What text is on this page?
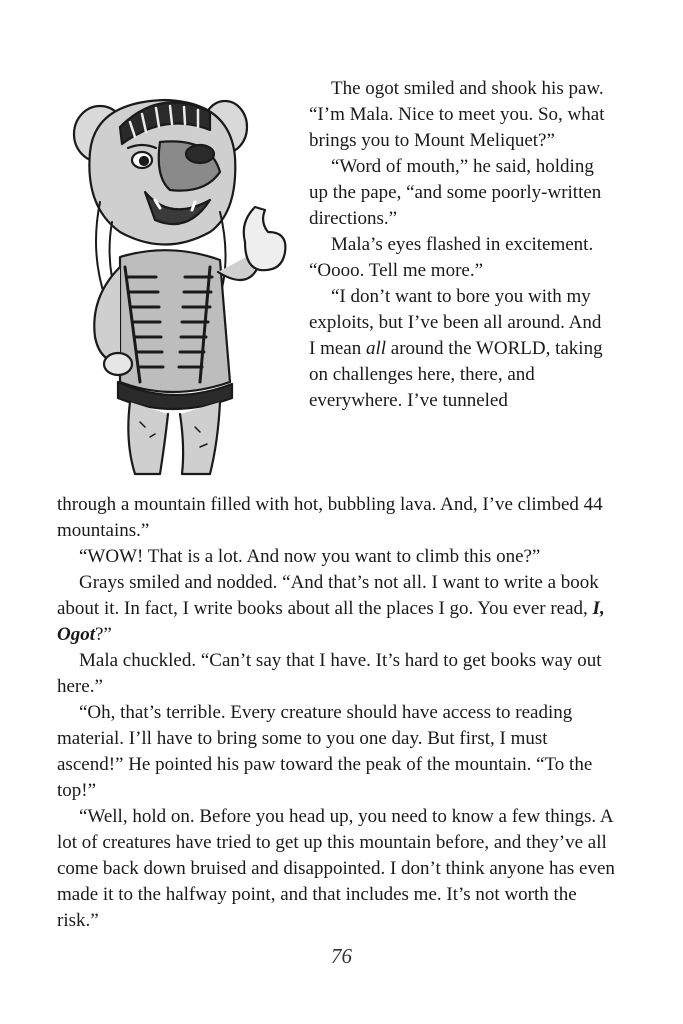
The ogot smiled and shook his paw. “I’m Mala. Nice to meet you. So, what brings you to Mount Meliquet?”

“Word of mouth,” he said, holding up the pape, “and some poorly-written directions.”

Mala’s eyes flashed in excitement. “Oooo. Tell me more.”

“I don’t want to bore you with my exploits, but I’ve been all around. And I mean all around the WORLD, taking on challenges here, there, and everywhere. I’ve tunneled

through a mountain filled with hot, bubbling lava. And, I’ve climbed 44 mountains.”

“WOW! That is a lot. And now you want to climb this one?”

Grays smiled and nodded. “And that’s not all. I want to write a book about it. In fact, I write books about all the places I go. You ever read, I, Ogot?”

Mala chuckled. “Can’t say that I have. It’s hard to get books way out here.”

“Oh, that’s terrible. Every creature should have access to reading material. I’ll have to bring some to you one day. But first, I must ascend!” He pointed his paw toward the peak of the mountain. “To the top!”

“Well, hold on. Before you head up, you need to know a few things. A lot of creatures have tried to get up this mountain before, and they’ve all come back down bruised and disappointed. I don’t think anyone has even made it to the halfway point, and that includes me. It’s not worth the risk.”

76
